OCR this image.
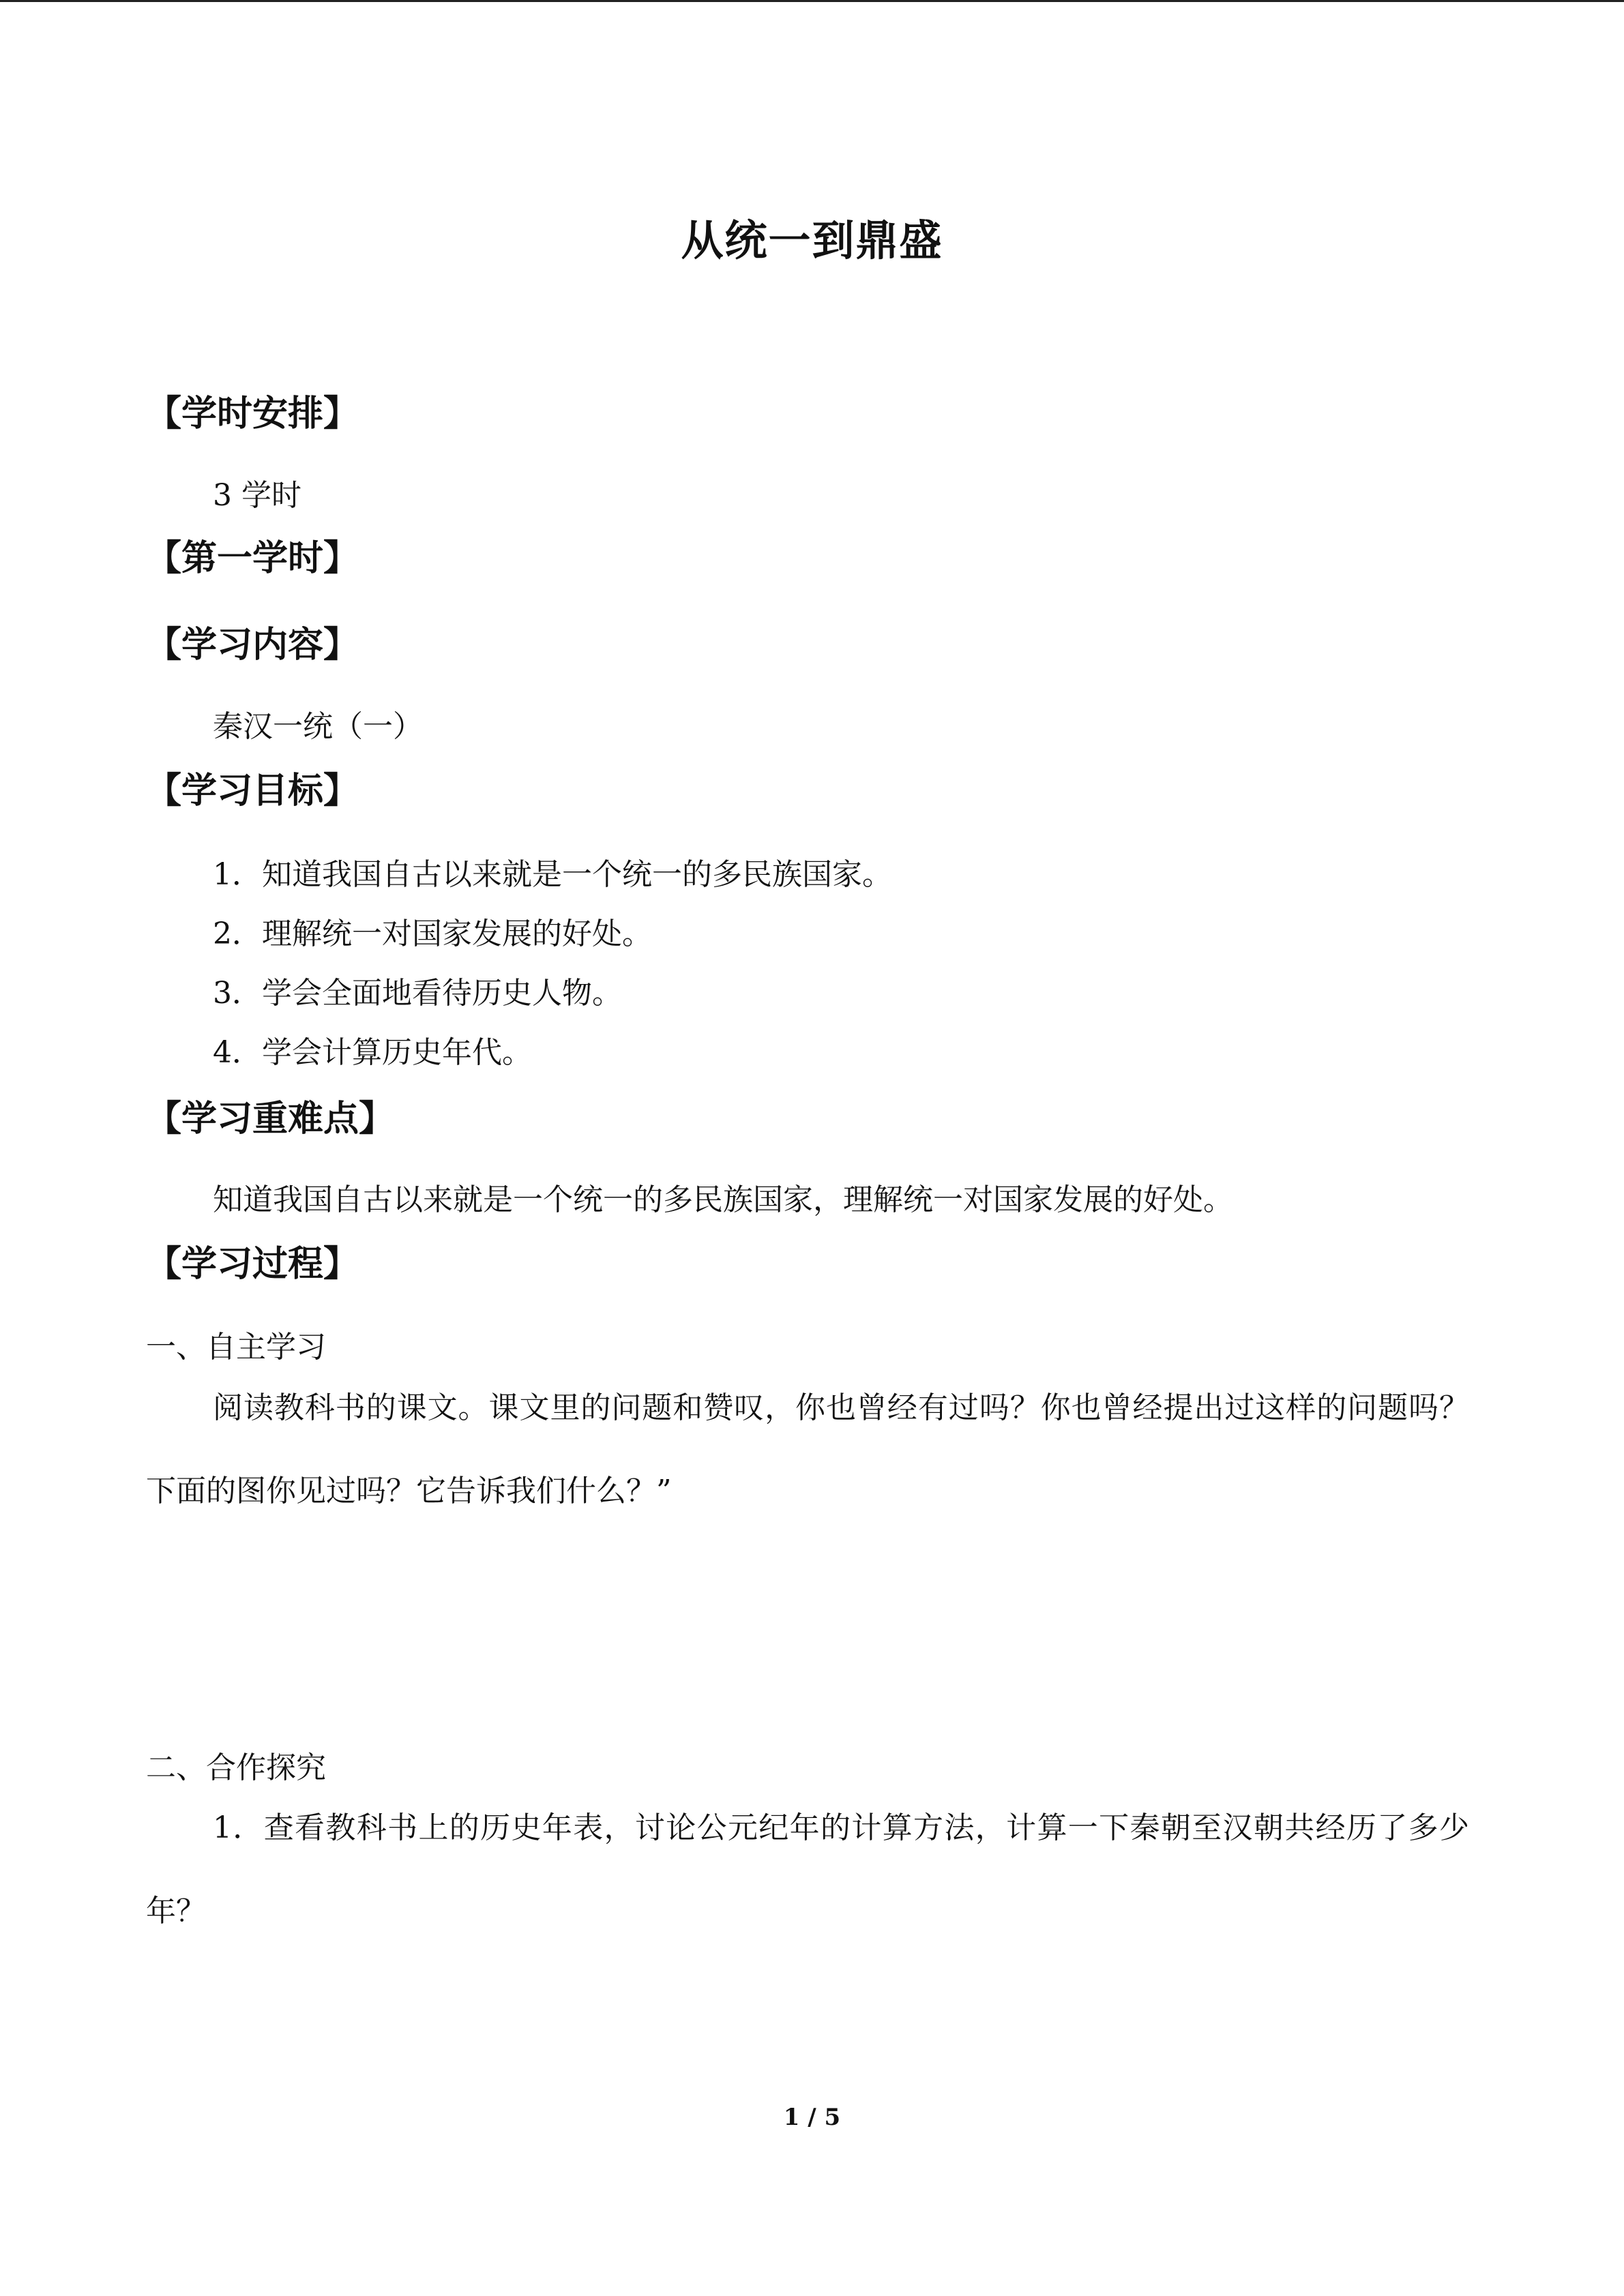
从统一到鼎盛
【学时安排】
3 学时
【第一学时】
【学习内容】
秦汉一统（一）
【学习目标】
1．知道我国自古以来就是一个统一的多民族国家。
2．理解统一对国家发展的好处。
3．学会全面地看待历史人物。
4．学会计算历史年代。
【学习重难点】
知道我国自古以来就是一个统一的多民族国家，理解统一对国家发展的好处。
【学习过程】
一、自主学习
阅读教科书的课文。课文里的问题和赞叹，你也曾经有过吗？你也曾经提出过这样的问题吗？下面的图你见过吗？它告诉我们什么？”
二、合作探究
1．查看教科书上的历史年表，讨论公元纪年的计算方法，计算一下秦朝至汉朝共经历了多少年？
1 / 5
